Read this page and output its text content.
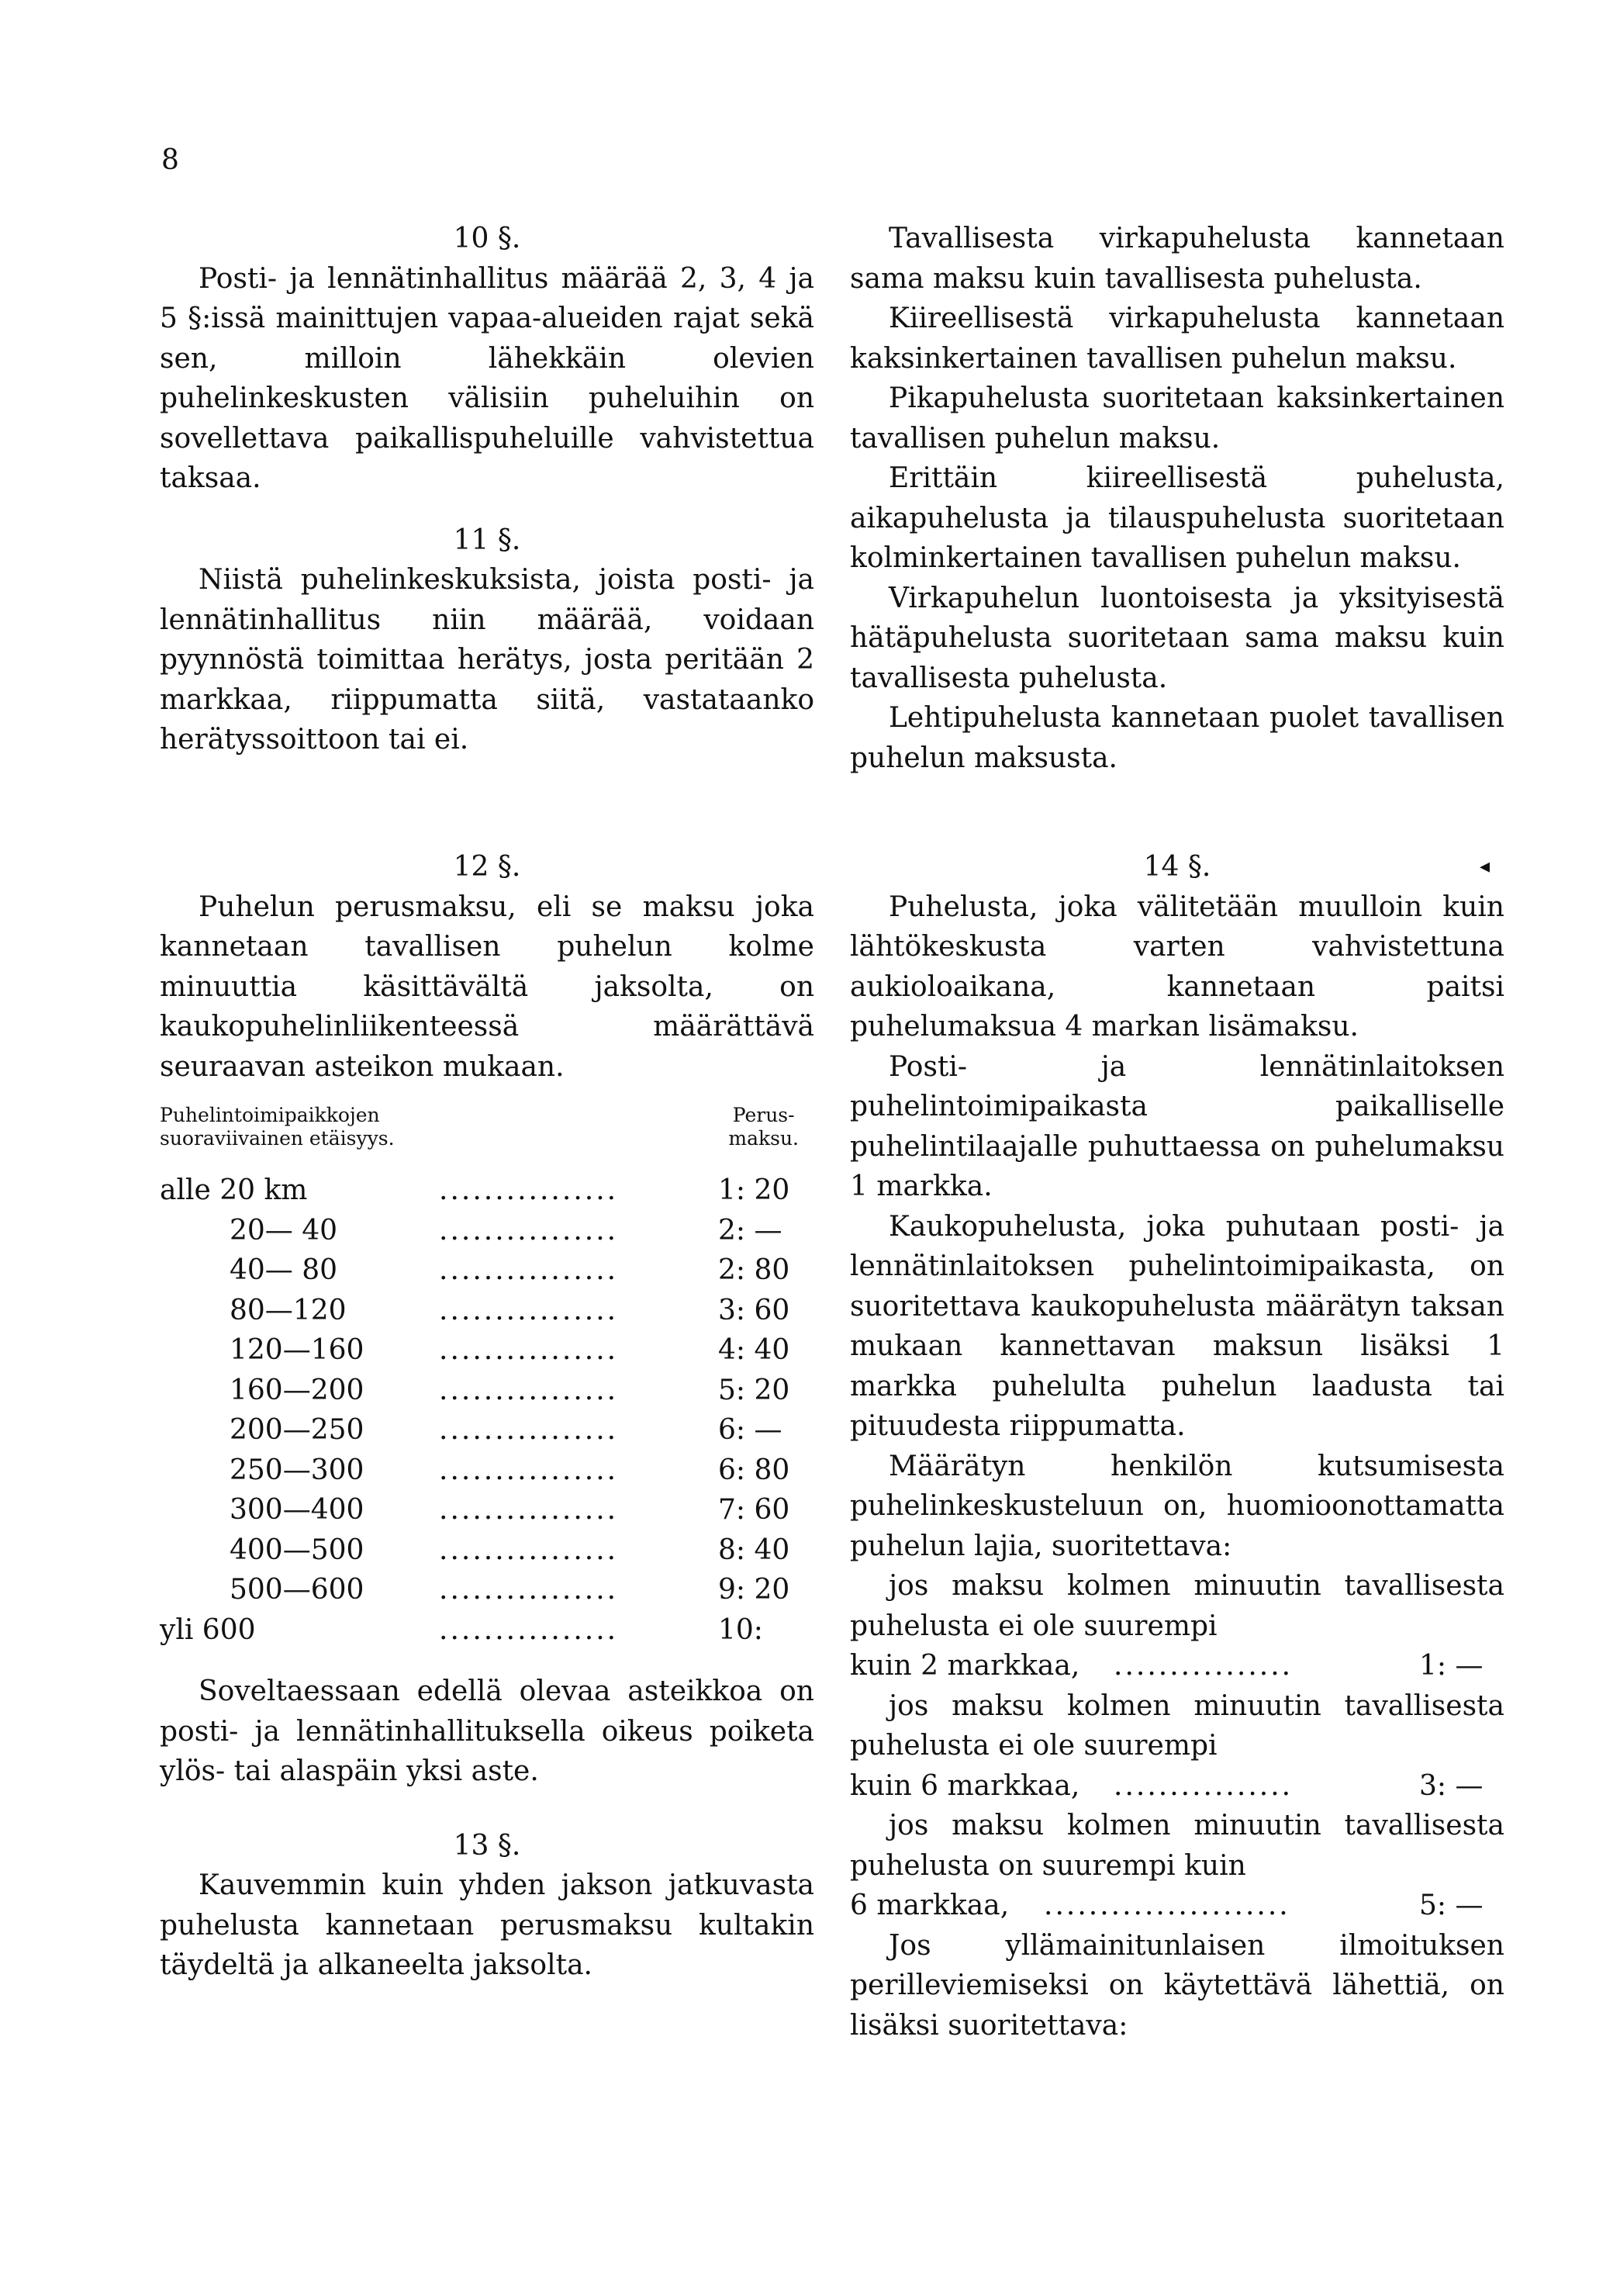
8
◂

10 §.

Posti- ja lennätinhallitus määrää 2, 3, 4 ja 5 §:issä mainittujen vapaa-alueiden rajat sekä sen, milloin lähekkäin olevien puhelinkeskusten välisiin puheluihin on sovellettava paikallispuheluille vahvistettua taksaa.

11 §.

Niistä puhelinkeskuksista, joista posti- ja lennätinhallitus niin määrää, voidaan pyynnöstä toimittaa herätys, josta peritään 2 markkaa, riippumatta siitä, vastataanko herätyssoittoon tai ei.

Tavallisesta virkapuhelusta kannetaan sama maksu kuin tavallisesta puhelusta.

Kiireellisestä virkapuhelusta kannetaan kaksinkertainen tavallisen puhelun maksu.

Pikapuhelusta suoritetaan kaksinkertainen tavallisen puhelun maksu.

Erittäin kiireellisestä puhelusta, aikapuhelusta ja tilauspuhelusta suoritetaan kolminkertainen tavallisen puhelun maksu.

Virkapuhelun luontoisesta ja yksityisestä hätäpuhelusta suoritetaan sama maksu kuin tavallisesta puhelusta.

Lehtipuhelusta kannetaan puolet tavallisen puhelun maksusta.

12 §.

Puhelun perusmaksu, eli se maksu joka kannetaan tavallisen puhelun kolme minuuttia käsittävältä jaksolta, on kaukopuhelinliikenteessä määrättävä seuraavan asteikon mukaan.

Puhelintoimipaikkojen
suoraviivainen etäisyys.
Perus-
maksu.
alle 20 km	................	1: 20
20— 40	................	2: —
40— 80	................	2: 80
80—120	................	3: 60
120—160	................	4: 40
160—200	................	5: 20
200—250	................	6: —
250—300	................	6: 80
300—400	................	7: 60
400—500	................	8: 40
500—600	................	9: 20
yli 600	................	10:

Soveltaessaan edellä olevaa asteikkoa on posti- ja lennätinhallituksella oikeus poiketa ylös- tai alaspäin yksi aste.

13 §.

Kauvemmin kuin yhden jakson jatkuvasta puhelusta kannetaan perusmaksu kultakin täydeltä ja alkaneelta jaksolta.

14 §.

Puhelusta, joka välitetään muulloin kuin lähtökeskusta varten vahvistettuna aukioloaikana, kannetaan paitsi puhelumaksua 4 markan lisämaksu.

Posti- ja lennätinlaitoksen puhelintoimipaikasta paikalliselle puhelintilaajalle puhuttaessa on puhelumaksu 1 markka.

Kaukopuhelusta, joka puhutaan posti- ja lennätinlaitoksen puhelintoimipaikasta, on suoritettava kaukopuhelusta määrätyn taksan mukaan kannettavan maksun lisäksi 1 markka puhelulta puhelun laadusta tai pituudesta riippumatta.

Määrätyn henkilön kutsumisesta puhelinkeskusteluun on, huomioonottamatta puhelun lajia, suoritettava:

jos maksu kolmen minuutin tavallisesta puhelusta ei ole suurempi

kuin 2 markkaa, ................	1: —

jos maksu kolmen minuutin tavallisesta puhelusta ei ole suurempi

kuin 6 markkaa, ................	3: —

jos maksu kolmen minuutin tavallisesta puhelusta on suurempi kuin

6 markkaa, ......................	5: —

Jos yllämainitunlaisen ilmoituksen perilleviemiseksi on käytettävä lähettiä, on lisäksi suoritettava:
